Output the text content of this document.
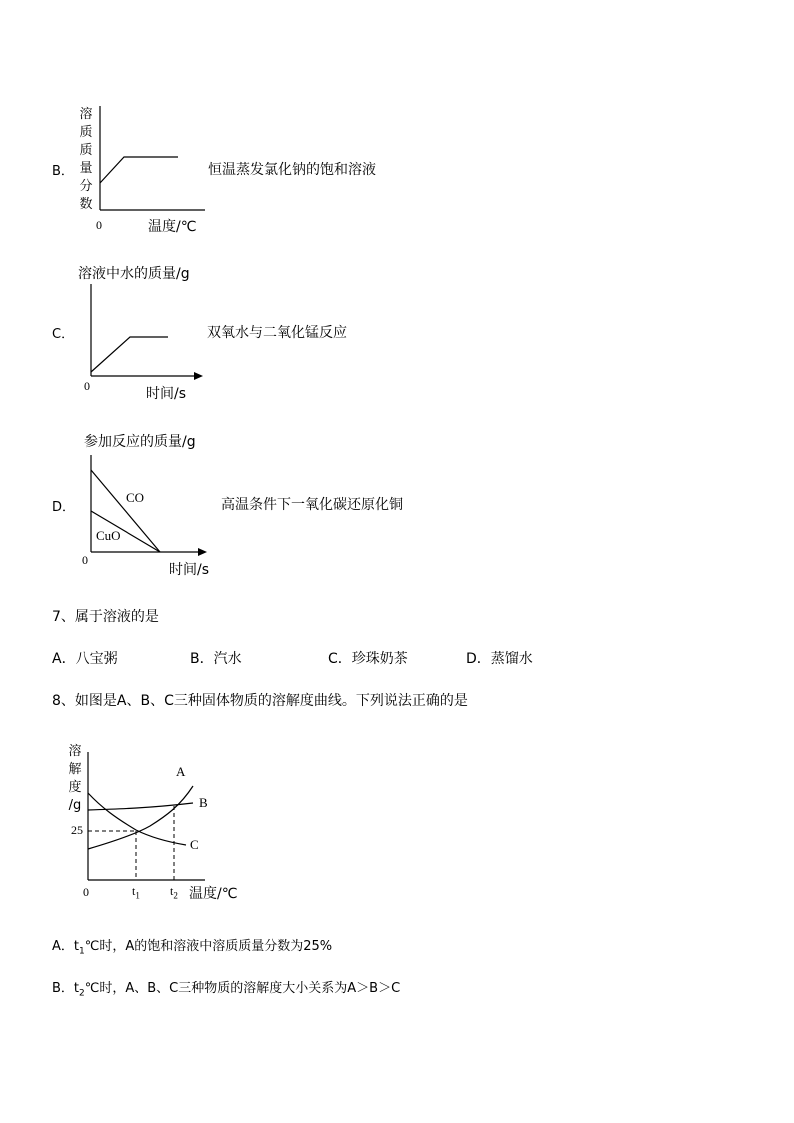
B．
溶
质
质
量
分
数
0	温度/℃
恒温蒸发氯化钠的饱和溶液
溶液中水的质量/g
C．
0	时间/s
双氧水与二氧化锰反应
参加反应的质量/g
D．
CO
CuO
0
时间/s
高温条件下一氧化碳还原化铜
7、属于溶液的是
A．八宝粥	B．汽水	C．珍珠奶茶	D．蒸馏水
8、如图是A、B、C三种固体物质的溶解度曲线。下列说法正确的是
溶
解
度
/g
A
B
C
25
0	$t_1$	$t_2$ 温度/℃
A．$t_1℃$时，A的饱和溶液中溶质质量分数为25%
B．$t_2℃$时，A、B、C三种物质的溶解度大小关系为A＞B＞C
